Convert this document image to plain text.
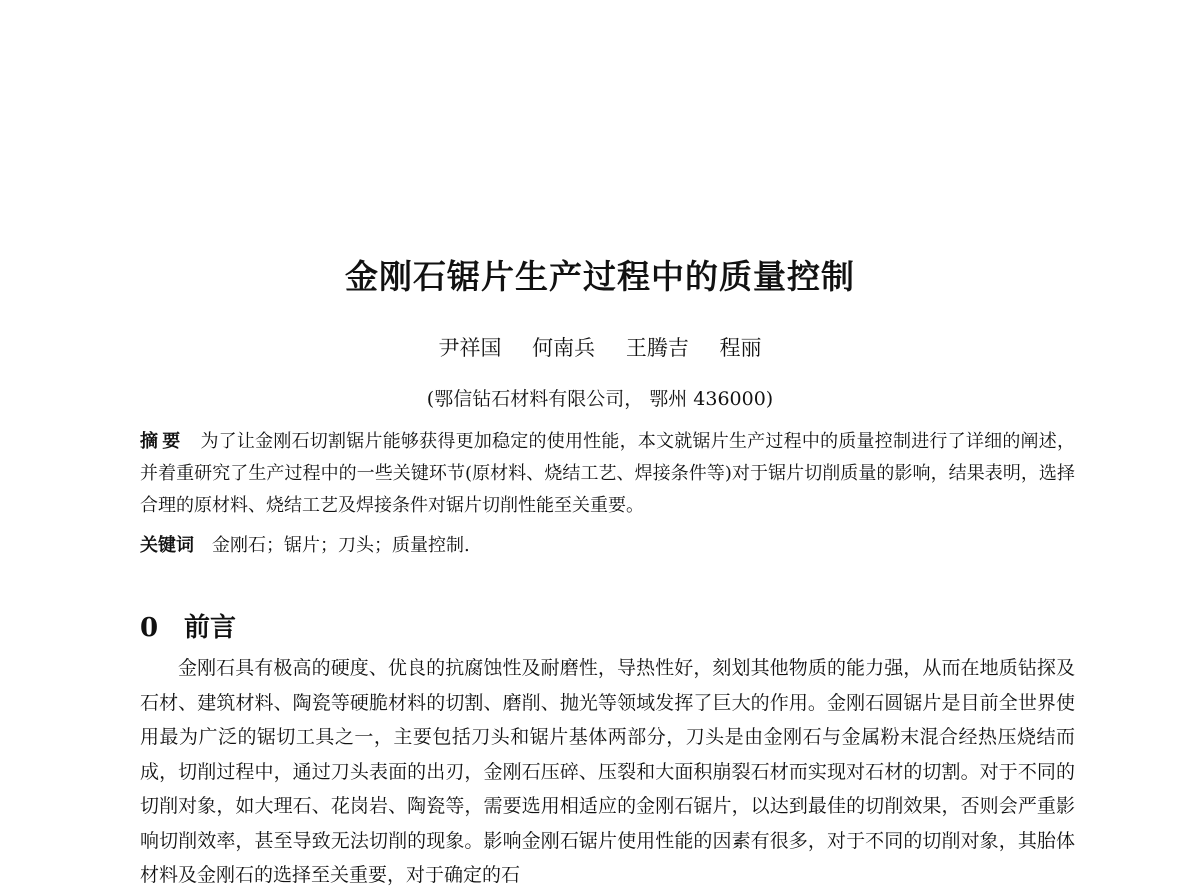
金刚石锯片生产过程中的质量控制
尹祥国 何南兵 王腾吉 程丽
(鄂信钻石材料有限公司， 鄂州 436000)
摘要 为了让金刚石切割锯片能够获得更加稳定的使用性能，本文就锯片生产过程中的质量控制进行了详细的阐述，并着重研究了生产过程中的一些关键环节(原材料、烧结工艺、焊接条件等)对于锯片切削质量的影响，结果表明，选择合理的原材料、烧结工艺及焊接条件对锯片切削性能至关重要。
关键词 金刚石；锯片；刀头；质量控制.
0 前言

金刚石具有极高的硬度、优良的抗腐蚀性及耐磨性，导热性好，刻划其他物质的能力强，从而在地质钻探及石材、建筑材料、陶瓷等硬脆材料的切割、磨削、抛光等领域发挥了巨大的作用。金刚石圆锯片是目前全世界使用最为广泛的锯切工具之一，主要包括刀头和锯片基体两部分，刀头是由金刚石与金属粉末混合经热压烧结而成，切削过程中，通过刀头表面的出刃，金刚石压碎、压裂和大面积崩裂石材而实现对石材的切割。对于不同的切削对象，如大理石、花岗岩、陶瓷等，需要选用相适应的金刚石锯片，以达到最佳的切削效果，否则会严重影响切削效率，甚至导致无法切削的现象。影响金刚石锯片使用性能的因素有很多，对于不同的切削对象，其胎体材料及金刚石的选择至关重要，对于确定的石
